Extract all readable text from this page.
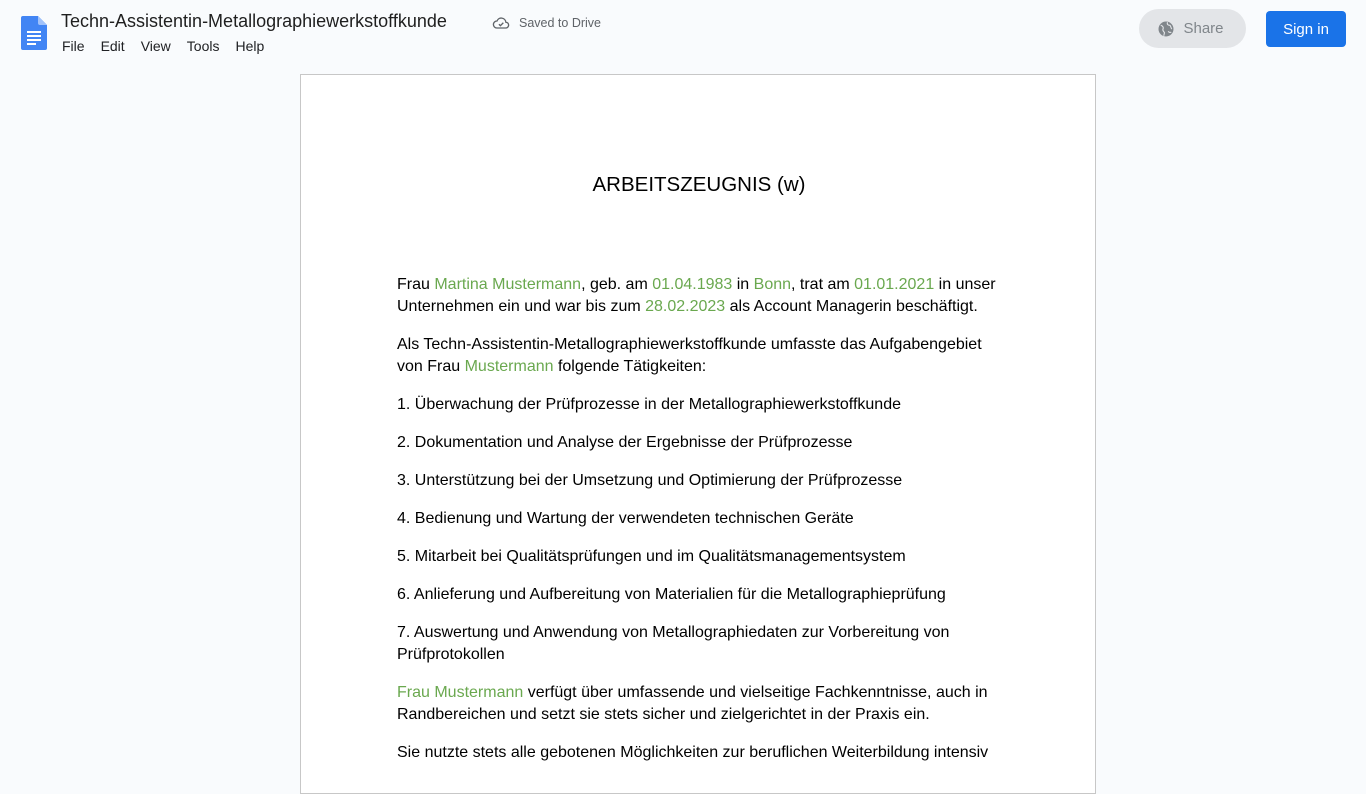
Techn-Assistentin-Metallographiewerkstoffkunde	Saved to Drive
File	Edit	View	Tools	Help
Share	Sign in
ARBEITSZEUGNIS (w)

Frau Martina Mustermann, geb. am 01.04.1983 in Bonn, trat am 01.01.2021 in unser Unternehmen ein und war bis zum 28.02.2023 als Account Managerin beschäftigt.

Als Techn-Assistentin-Metallographiewerkstoffkunde umfasste das Aufgabengebiet von Frau Mustermann folgende Tätigkeiten:

1. Überwachung der Prüfprozesse in der Metallographiewerkstoffkunde

2. Dokumentation und Analyse der Ergebnisse der Prüfprozesse

3. Unterstützung bei der Umsetzung und Optimierung der Prüfprozesse

4. Bedienung und Wartung der verwendeten technischen Geräte

5. Mitarbeit bei Qualitätsprüfungen und im Qualitätsmanagementsystem

6. Anlieferung und Aufbereitung von Materialien für die Metallographieprüfung

7. Auswertung und Anwendung von Metallographiedaten zur Vorbereitung von Prüfprotokollen

Frau Mustermann verfügt über umfassende und vielseitige Fachkenntnisse, auch in Randbereichen und setzt sie stets sicher und zielgerichtet in der Praxis ein.

Sie nutzte stets alle gebotenen Möglichkeiten zur beruflichen Weiterbildung intensiv
